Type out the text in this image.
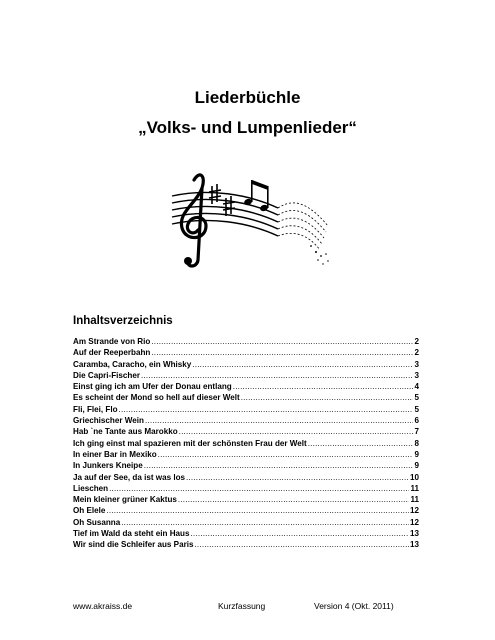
Liederbüchle
„Volks- und Lumpenlieder“
Inhaltsverzeichnis
Am Strande von Rio .....	2
Auf der Reeperbahn .....	2
Caramba, Caracho, ein Whisky .....	3
Die Capri-Fischer .....	3
Einst ging ich am Ufer der Donau entlang .....	4
Es scheint der Mond so hell auf dieser Welt .....	5
Fli, Flei, Flo .....	5
Griechischer Wein .....	6
Hab `ne Tante aus Marokko .....	7
Ich ging einst mal spazieren mit der schönsten Frau der Welt .....	8
In einer Bar in Mexiko .....	9
In Junkers Kneipe .....	9
Ja auf der See, da ist was los .....	10
Lieschen .....	11
Mein kleiner grüner Kaktus .....	11
Oh Elele .....	12
Oh Susanna .....	12
Tief im Wald da steht ein Haus .....	13
Wir sind die Schleifer aus Paris .....	13
www.akraiss.de	Kurzfassung	Version 4 (Okt. 2011)
